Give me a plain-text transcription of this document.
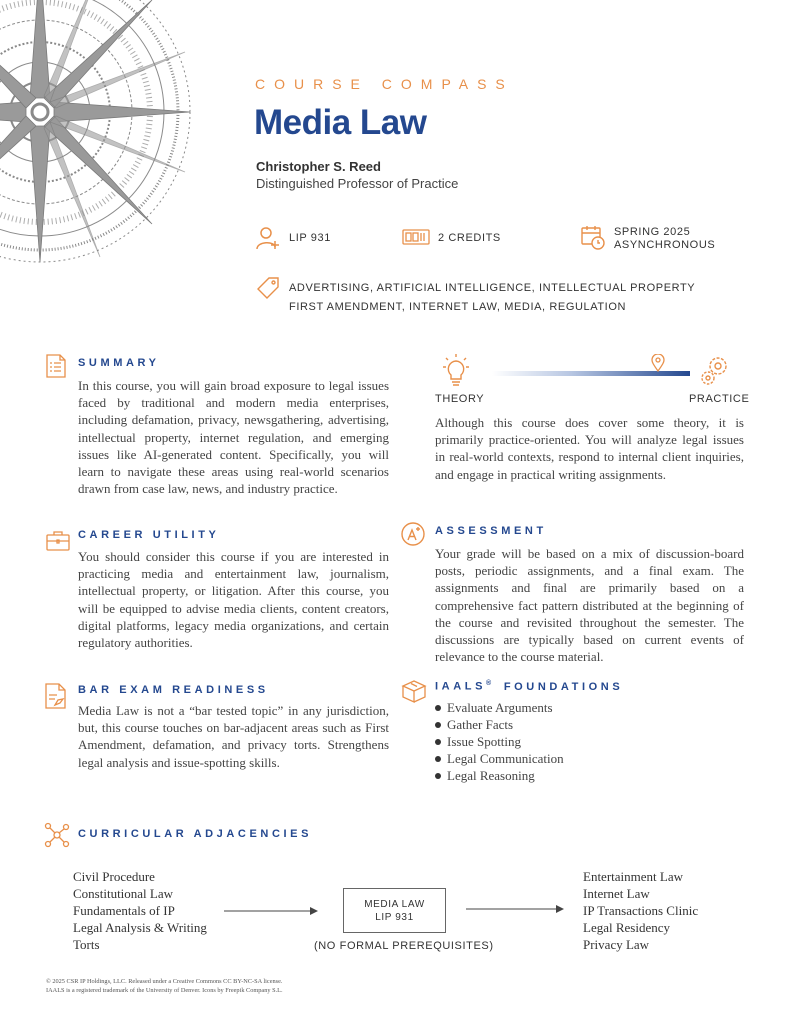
COURSE COMPASS
Media Law
Christopher S. Reed
Distinguished Professor of Practice
LIP 931	2 CREDITS	SPRING 2025
ASYNCHRONOUS
ADVERTISING, ARTIFICIAL INTELLIGENCE, INTELLECTUAL PROPERTY
FIRST AMENDMENT, INTERNET LAW, MEDIA, REGULATION
SUMMARY
In this course, you will gain broad exposure to legal issues faced by traditional and modern media enterprises, including defamation, privacy, newsgathering, advertising, intellectual property, internet regulation, and emerging issues like AI-generated content. Specifically, you will learn to navigate these areas using real-world scenarios drawn from case law, news, and industry practice.
THEORY	PRACTICE
Although this course does cover some theory, it is primarily practice-oriented. You will analyze legal issues in real-world contexts, respond to internal client inquiries, and engage in practical writing assignments.
CAREER UTILITY
You should consider this course if you are interested in practicing media and entertainment law, journalism, intellectual property, or litigation. After this course, you will be equipped to advise media clients, content creators, digital platforms, legacy media organizations, and certain regulatory authorities.
ASSESSMENT
Your grade will be based on a mix of discussion-board posts, periodic assignments, and a final exam. The assignments and final are primarily based on a comprehensive fact pattern distributed at the beginning of the course and revisited throughout the semester. The discussions are typically based on current events of relevance to the course material.
BAR EXAM READINESS
Media Law is not a “bar tested topic” in any jurisdiction, but, this course touches on bar-adjacent areas such as First Amendment, defamation, and privacy torts. Strengthens legal analysis and issue-spotting skills.
IAALS® FOUNDATIONS
Evaluate Arguments
Gather Facts
Issue Spotting
Legal Communication
Legal Reasoning
CURRICULAR ADJACENCIES
Civil Procedure
Constitutional Law
Fundamentals of IP
Legal Analysis & Writing
Torts
MEDIA LAW
LIP 931
(NO FORMAL PREREQUISITES)
Entertainment Law
Internet Law
IP Transactions Clinic
Legal Residency
Privacy Law
© 2025 CSR IP Holdings, LLC. Released under a Creative Commons CC BY-NC-SA license.
IAALS is a registered trademark of the University of Denver. Icons by Freepik Company S.L.
